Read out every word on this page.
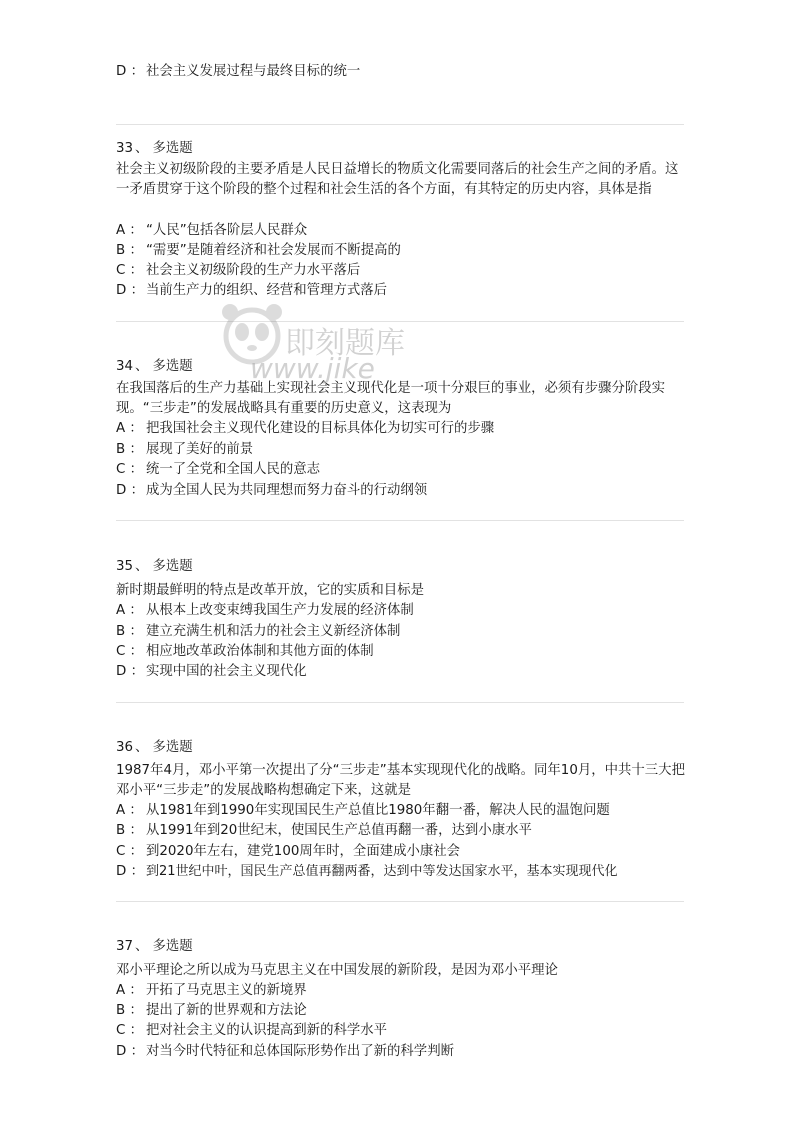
D ： 社会主义发展过程与最终目标的统一
33 、 多选题
社会主义初级阶段的主要矛盾是人民日益增长的物质文化需要同落后的社会生产之间的矛盾。这一矛盾贯穿于这个阶段的整个过程和社会生活的各个方面，有其特定的历史内容，具体是指
A ： “人民”包括各阶层人民群众
B ： “需要”是随着经济和社会发展而不断提高的
C ： 社会主义初级阶段的生产力水平落后
D ： 当前生产力的组织、经营和管理方式落后
34 、 多选题
在我国落后的生产力基础上实现社会主义现代化是一项十分艰巨的事业，必须有步骤分阶段实现。“三步走”的发展战略具有重要的历史意义，这表现为
A ： 把我国社会主义现代化建设的目标具体化为切实可行的步骤
B ： 展现了美好的前景
C ： 统一了全党和全国人民的意志
D ： 成为全国人民为共同理想而努力奋斗的行动纲领
35 、 多选题
新时期最鲜明的特点是改革开放，它的实质和目标是
A ： 从根本上改变束缚我国生产力发展的经济体制
B ： 建立充满生机和活力的社会主义新经济体制
C ： 相应地改革政治体制和其他方面的体制
D ： 实现中国的社会主义现代化
36 、 多选题
1987年4月，邓小平第一次提出了分“三步走”基本实现现代化的战略。同年10月，中共十三大把邓小平“三步走”的发展战略构想确定下来，这就是
A ： 从1981年到1990年实现国民生产总值比1980年翻一番，解决人民的温饱问题
B ： 从1991年到20世纪末，使国民生产总值再翻一番，达到小康水平
C ： 到2020年左右，建党100周年时，全面建成小康社会
D ： 到21世纪中叶，国民生产总值再翻两番，达到中等发达国家水平，基本实现现代化
37 、 多选题
邓小平理论之所以成为马克思主义在中国发展的新阶段，是因为邓小平理论
A ： 开拓了马克思主义的新境界
B ： 提出了新的世界观和方法论
C ： 把对社会主义的认识提高到新的科学水平
D ： 对当今时代特征和总体国际形势作出了新的科学判断
即刻题库
www.jike
